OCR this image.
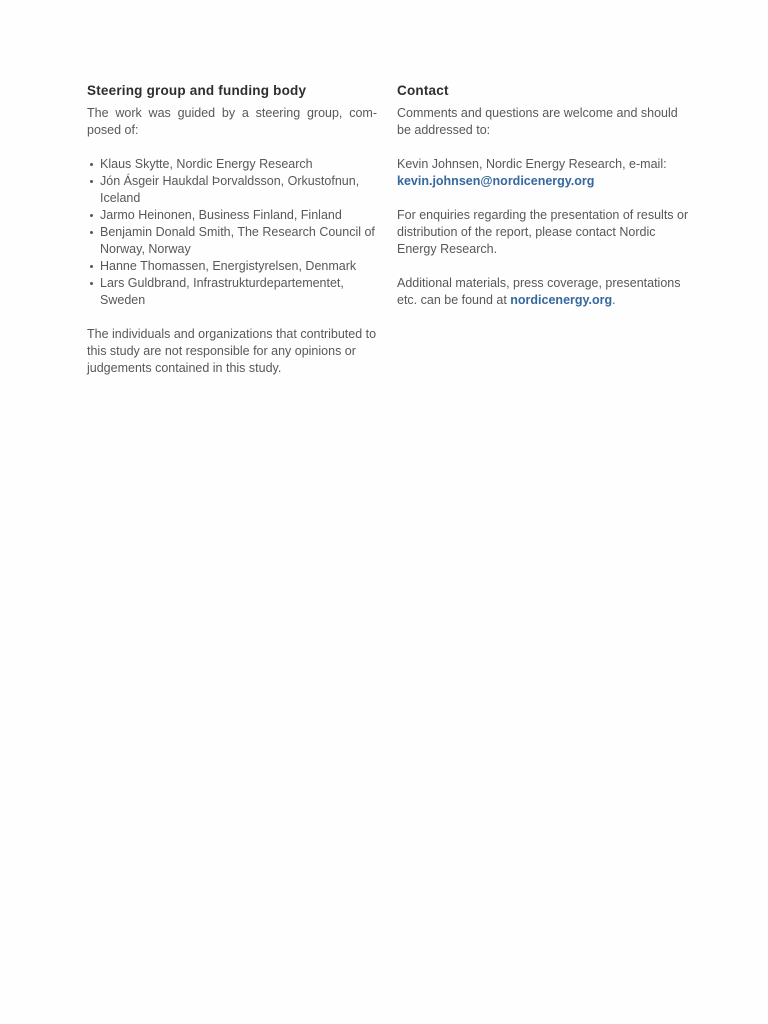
Steering group and funding body

The work was guided by a steering group, composed of:

Klaus Skytte, Nordic Energy Research
Jón Ásgeir Haukdal Þorvaldsson, Orkustofnun, Iceland
Jarmo Heinonen, Business Finland, Finland
Benjamin Donald Smith, The Research Council of Norway, Norway
Hanne Thomassen, Energistyrelsen, Denmark
Lars Guldbrand, Infrastrukturdepartementet, Sweden

The individuals and organizations that contributed to this study are not responsible for any opinions or judgements contained in this study.

Contact

Comments and questions are welcome and should be addressed to:

Kevin Johnsen, Nordic Energy Research, e-mail: kevin.johnsen@nordicenergy.org

For enquiries regarding the presentation of results or distribution of the report, please contact Nordic Energy Research.

Additional materials, press coverage, presentations etc. can be found at nordicenergy.org.
